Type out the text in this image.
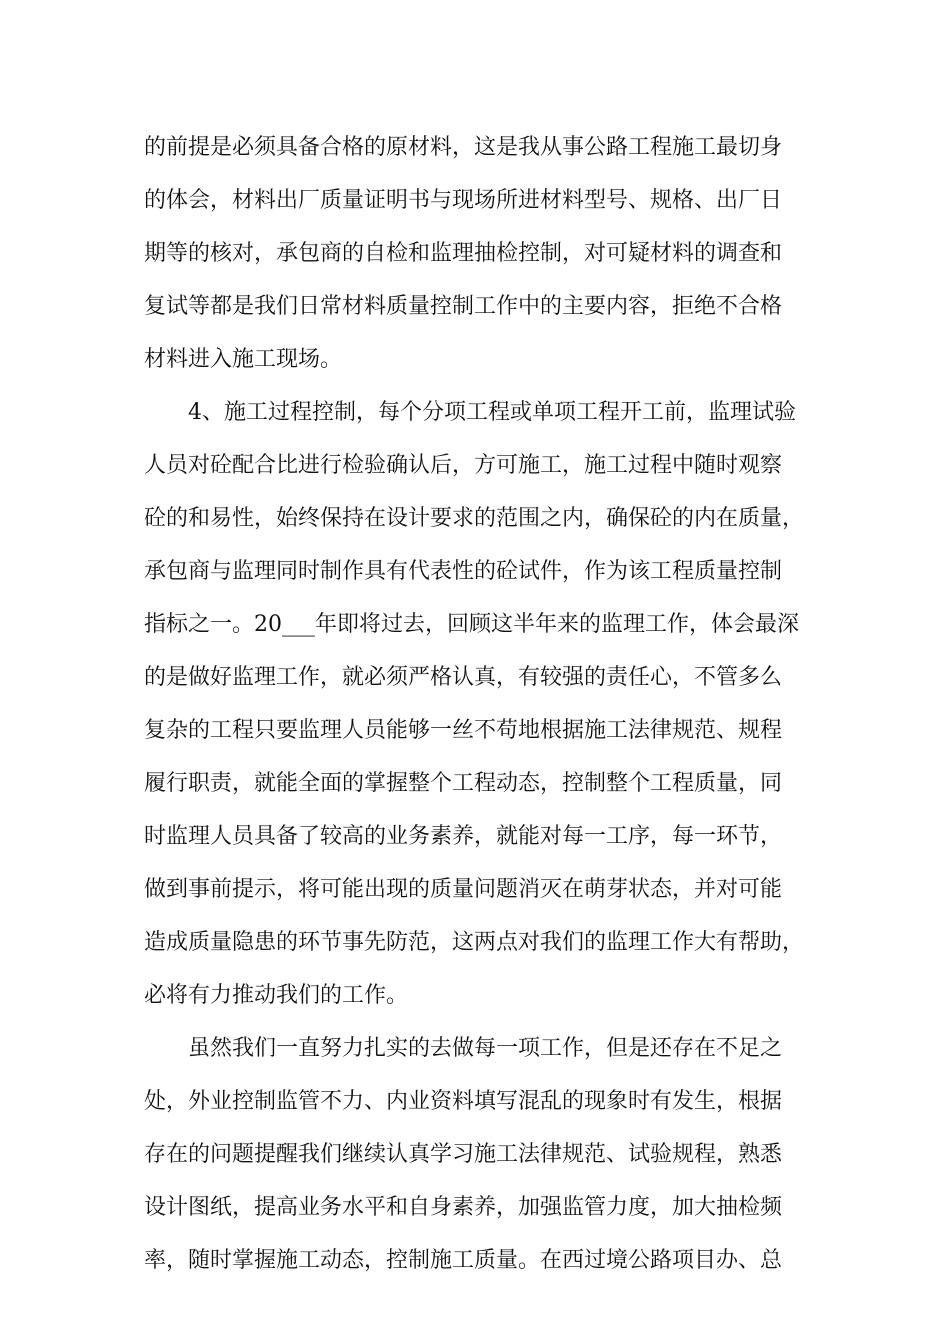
的前提是必须具备合格的原材料，这是我从事公路工程施工最切身
的体会，材料出厂质量证明书与现场所进材料型号、规格、出厂日
期等的核对，承包商的自检和监理抽检控制，对可疑材料的调查和
复试等都是我们日常材料质量控制工作中的主要内容，拒绝不合格
材料进入施工现场。
　　4、施工过程控制，每个分项工程或单项工程开工前，监理试验
人员对砼配合比进行检验确认后，方可施工，施工过程中随时观察
砼的和易性，始终保持在设计要求的范围之内，确保砼的内在质量，
承包商与监理同时制作具有代表性的砼试件，作为该工程质量控制
指标之一。20___年即将过去，回顾这半年来的监理工作，体会最深
的是做好监理工作，就必须严格认真，有较强的责任心，不管多么
复杂的工程只要监理人员能够一丝不苟地根据施工法律规范、规程
履行职责，就能全面的掌握整个工程动态，控制整个工程质量，同
时监理人员具备了较高的业务素养，就能对每一工序，每一环节，
做到事前提示，将可能出现的质量问题消灭在萌芽状态，并对可能
造成质量隐患的环节事先防范，这两点对我们的监理工作大有帮助，
必将有力推动我们的工作。
　　虽然我们一直努力扎实的去做每一项工作，但是还存在不足之
处，外业控制监管不力、内业资料填写混乱的现象时有发生，根据
存在的问题提醒我们继续认真学习施工法律规范、试验规程，熟悉
设计图纸，提高业务水平和自身素养，加强监管力度，加大抽检频
率，随时掌握施工动态，控制施工质量。在西过境公路项目办、总
